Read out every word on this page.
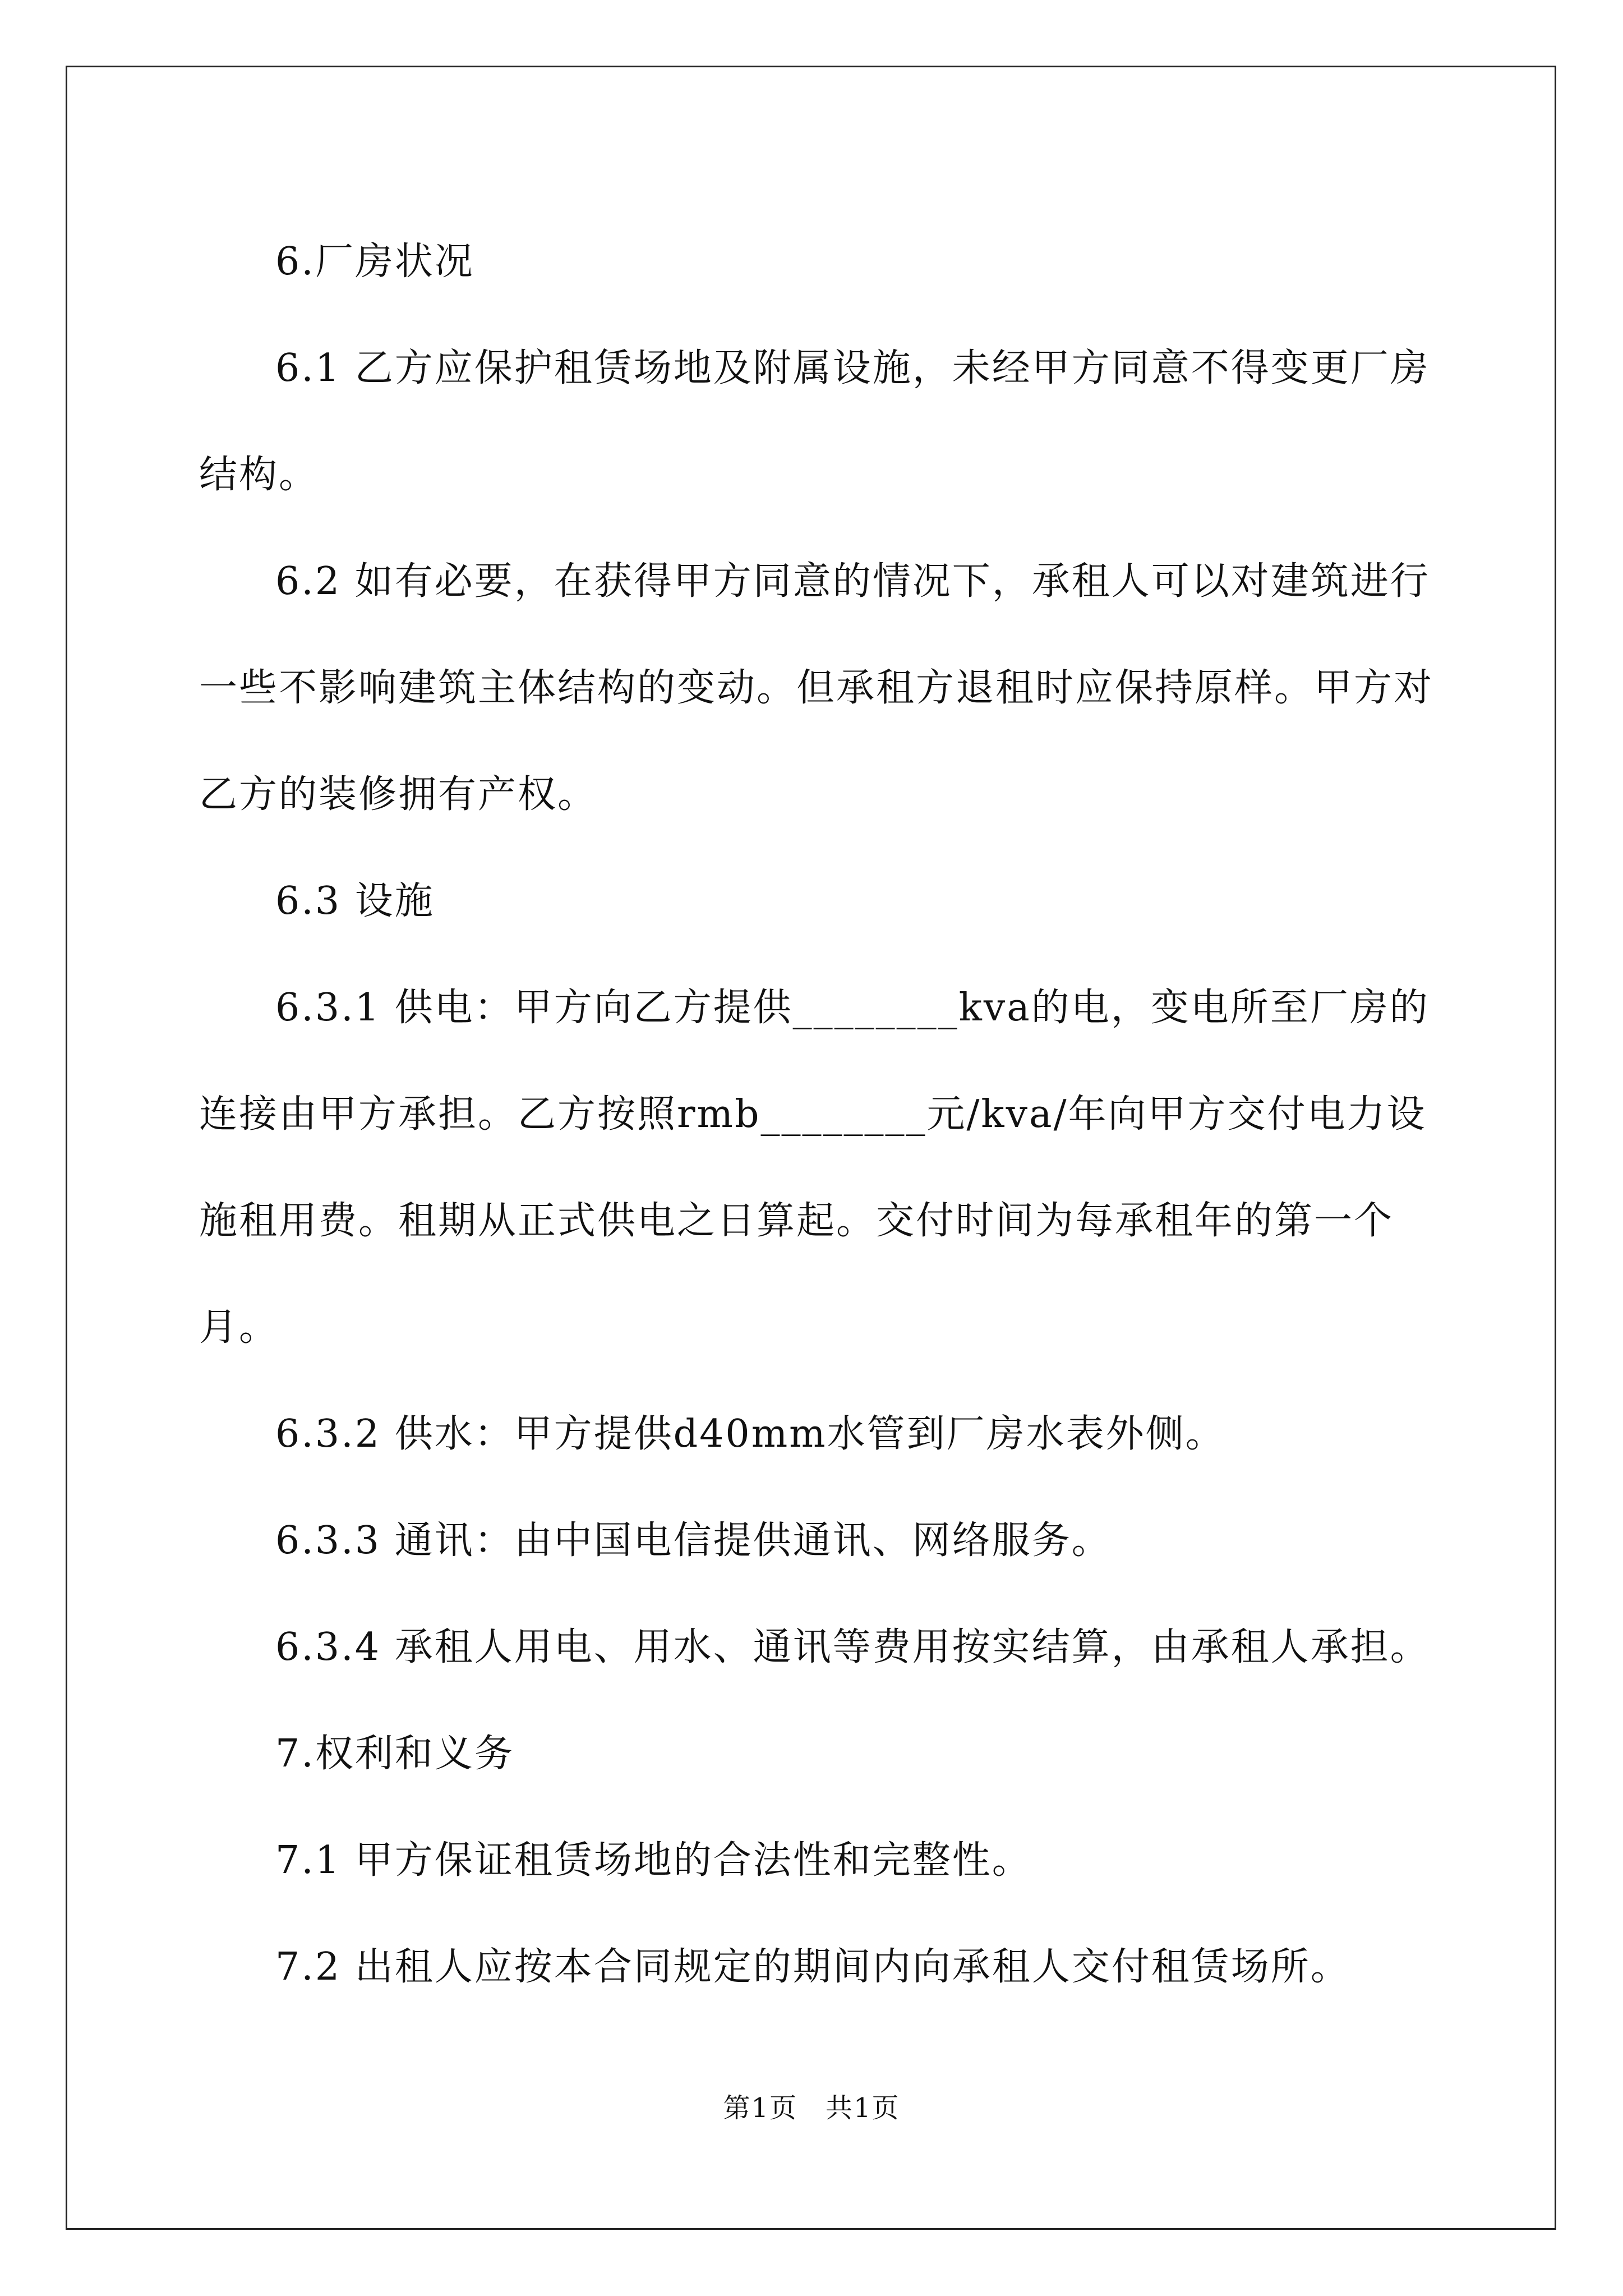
6.厂房状况

6.1 乙方应保护租赁场地及附属设施，未经甲方同意不得变更厂房结构。

6.2 如有必要，在获得甲方同意的情况下，承租人可以对建筑进行一些不影响建筑主体结构的变动。但承租方退租时应保持原样。甲方对乙方的装修拥有产权。

6.3 设施

6.3.1 供电：甲方向乙方提供________kva的电，变电所至厂房的连接由甲方承担。乙方按照rmb________元/kva/年向甲方交付电力设施租用费。租期从正式供电之日算起。交付时间为每承租年的第一个月。

6.3.2 供水：甲方提供d40mm水管到厂房水表外侧。

6.3.3 通讯：由中国电信提供通讯、网络服务。

6.3.4 承租人用电、用水、通讯等费用按实结算，由承租人承担。

7.权利和义务

7.1 甲方保证租赁场地的合法性和完整性。

7.2 出租人应按本合同规定的期间内向承租人交付租赁场所。

第1页　共1页
